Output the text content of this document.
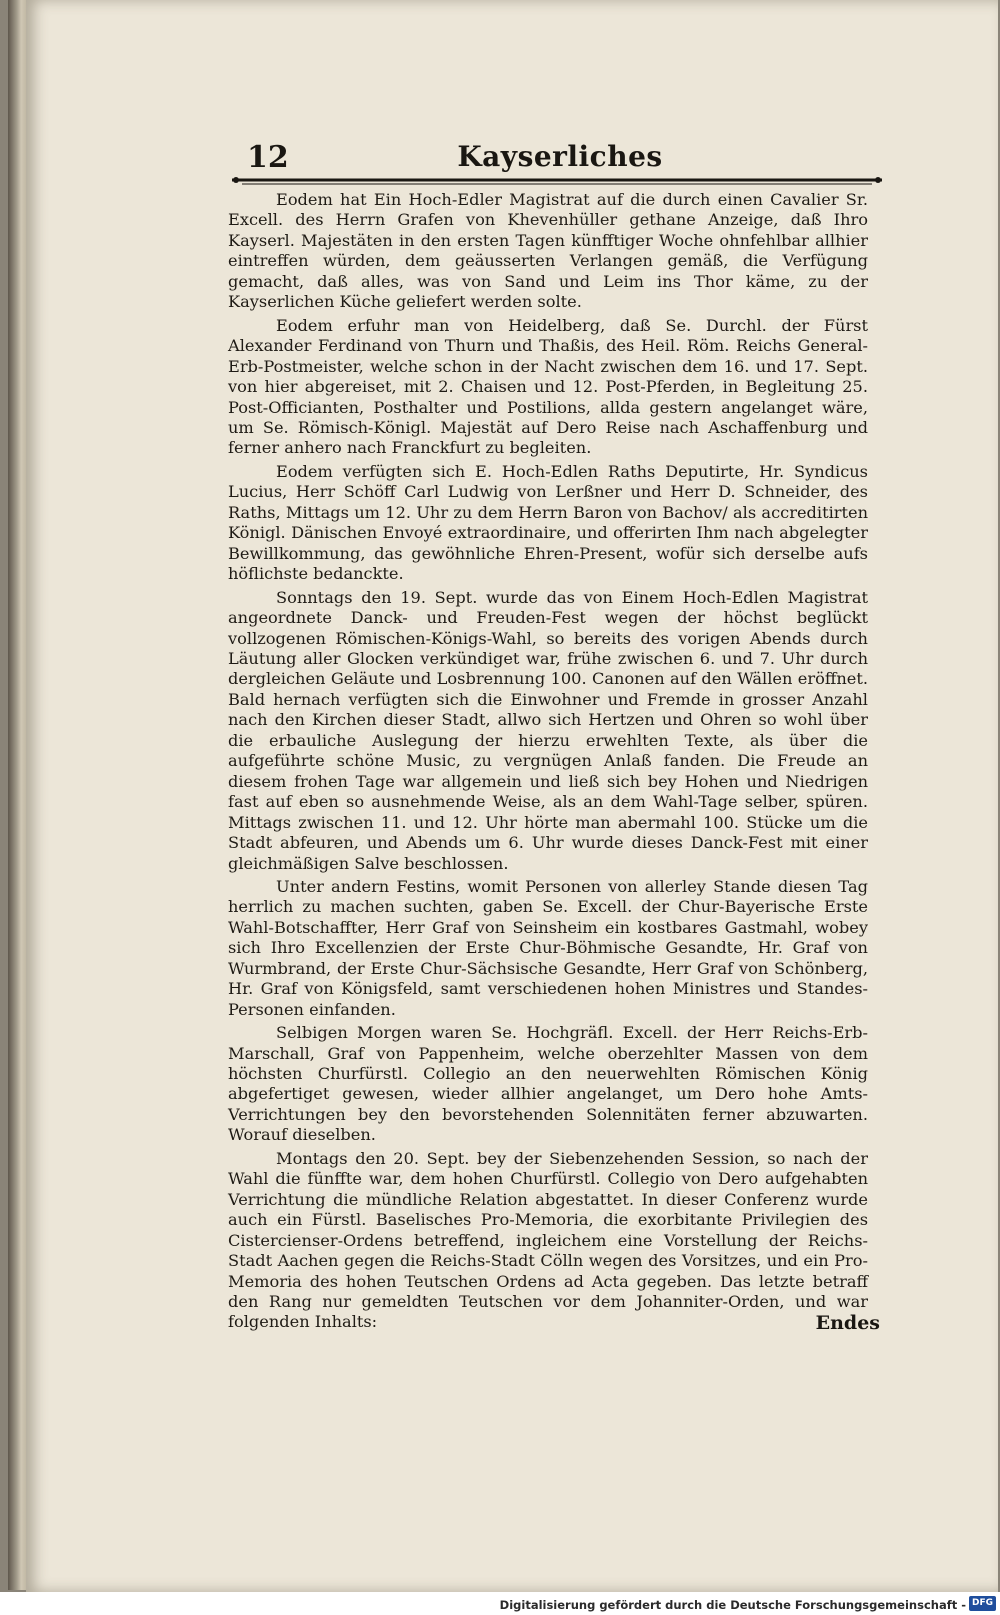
12	Kayserliches

Eodem hat Ein Hoch-Edler Magistrat auf die durch einen Cavalier Sr. Excell. des Herrn Grafen von Khevenhüller gethane Anzeige, daß Ihro Kayserl. Majestäten in den ersten Tagen künfftiger Woche ohnfehlbar allhier eintreffen würden, dem geäusserten Verlangen gemäß, die Verfügung gemacht, daß alles, was von Sand und Leim ins Thor käme, zu der Kayserlichen Küche geliefert werden solte.

Eodem erfuhr man von Heidelberg, daß Se. Durchl. der Fürst Alexander Ferdinand von Thurn und Thaßis, des Heil. Röm. Reichs General-Erb-Postmeister, welche schon in der Nacht zwischen dem 16. und 17. Sept. von hier abgereiset, mit 2. Chaisen und 12. Post-Pferden, in Begleitung 25. Post-Officianten, Posthalter und Postilions, allda gestern angelanget wäre, um Se. Römisch-Königl. Majestät auf Dero Reise nach Aschaffenburg und ferner anhero nach Franckfurt zu begleiten.

Eodem verfügten sich E. Hoch-Edlen Raths Deputirte, Hr. Syndicus Lucius, Herr Schöff Carl Ludwig von Lerßner und Herr D. Schneider, des Raths, Mittags um 12. Uhr zu dem Herrn Baron von Bachov/ als accreditirten Königl. Dänischen Envoyé extraordinaire, und offerirten Ihm nach abgelegter Bewillkommung, das gewöhnliche Ehren-Present, wofür sich derselbe aufs höflichste bedanckte.

Sonntags den 19. Sept. wurde das von Einem Hoch-Edlen Magistrat angeordnete Danck- und Freuden-Fest wegen der höchst beglückt vollzogenen Römischen-Königs-Wahl, so bereits des vorigen Abends durch Läutung aller Glocken verkündiget war, frühe zwischen 6. und 7. Uhr durch dergleichen Geläute und Losbrennung 100. Canonen auf den Wällen eröffnet. Bald hernach verfügten sich die Einwohner und Fremde in grosser Anzahl nach den Kirchen dieser Stadt, allwo sich Hertzen und Ohren so wohl über die erbauliche Auslegung der hierzu erwehlten Texte, als über die aufgeführte schöne Music, zu vergnügen Anlaß fanden. Die Freude an diesem frohen Tage war allgemein und ließ sich bey Hohen und Niedrigen fast auf eben so ausnehmende Weise, als an dem Wahl-Tage selber, spüren. Mittags zwischen 11. und 12. Uhr hörte man abermahl 100. Stücke um die Stadt abfeuren, und Abends um 6. Uhr wurde dieses Danck-Fest mit einer gleichmäßigen Salve beschlossen.

Unter andern Festins, womit Personen von allerley Stande diesen Tag herrlich zu machen suchten, gaben Se. Excell. der Chur-Bayerische Erste Wahl-Botschaffter, Herr Graf von Seinsheim ein kostbares Gastmahl, wobey sich Ihro Excellenzien der Erste Chur-Böhmische Gesandte, Hr. Graf von Wurmbrand, der Erste Chur-Sächsische Gesandte, Herr Graf von Schönberg, Hr. Graf von Königsfeld, samt verschiedenen hohen Ministres und Standes-Personen einfanden.

Selbigen Morgen waren Se. Hochgräfl. Excell. der Herr Reichs-Erb-Marschall, Graf von Pappenheim, welche oberzehlter Massen von dem höchsten Churfürstl. Collegio an den neuerwehlten Römischen König abgefertiget gewesen, wieder allhier angelanget, um Dero hohe Amts-Verrichtungen bey den bevorstehenden Solennitäten ferner abzuwarten. Worauf dieselben.

Montags den 20. Sept. bey der Siebenzehenden Session, so nach der Wahl die fünffte war, dem hohen Churfürstl. Collegio von Dero aufgehabten Verrichtung die mündliche Relation abgestattet. In dieser Conferenz wurde auch ein Fürstl. Baselisches Pro-Memoria, die exorbitante Privilegien des Cistercienser-Ordens betreffend, ingleichem eine Vorstellung der Reichs-Stadt Aachen gegen die Reichs-Stadt Cölln wegen des Vorsitzes, und ein Pro-Memoria des hohen Teutschen Ordens ad Acta gegeben. Das letzte betraff den Rang nur gemeldten Teutschen vor dem Johanniter-Orden, und war folgenden Inhalts:	Endes
Digitalisierung gefördert durch die Deutsche Forschungsgemeinschaft - DFG
